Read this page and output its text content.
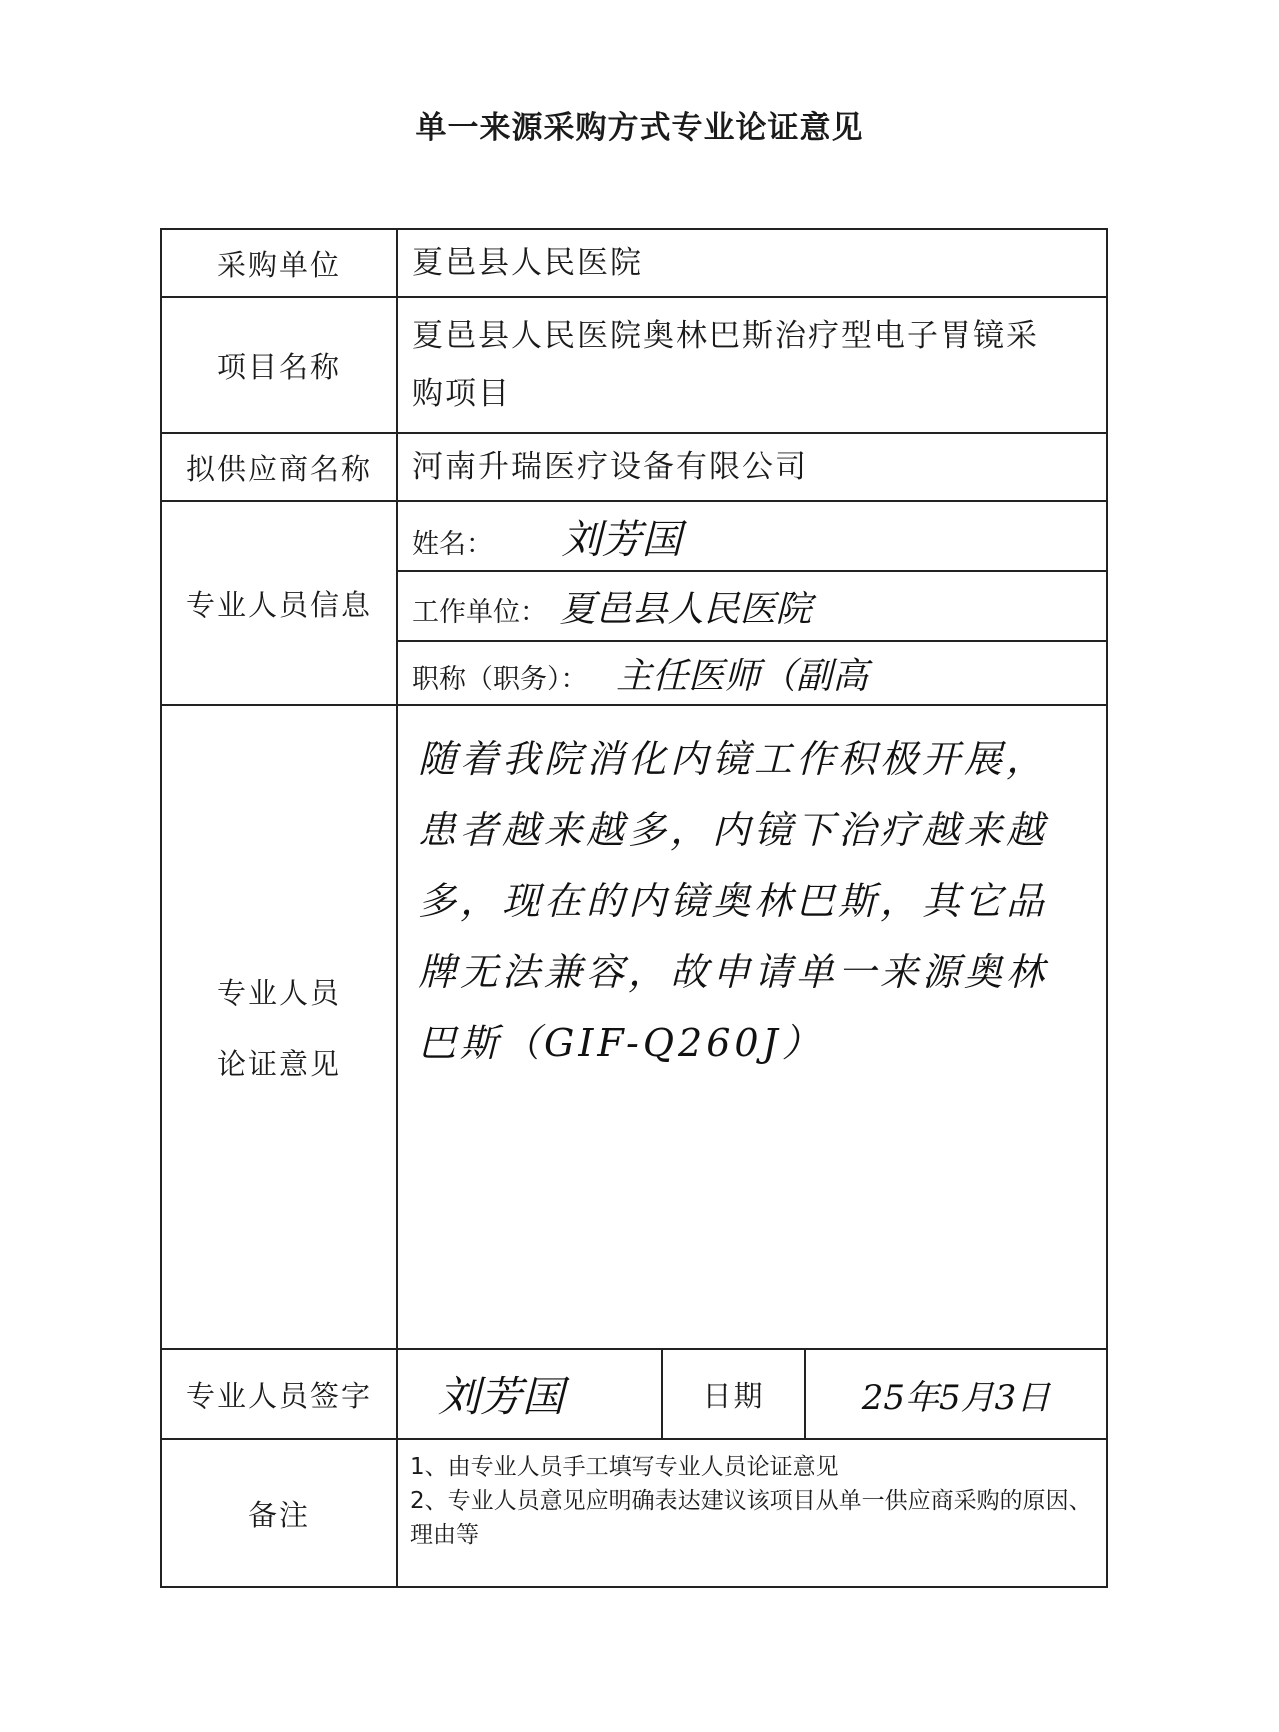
单一来源采购方式专业论证意见
采购单位	夏邑县人民医院		
项目名称	夏邑县人民医院奥林巴斯治疗型电子胃镜采
购项目		

拟供应商名称	河南升瑞医疗设备有限公司		
专业人员信息	姓名： 刘芳国		
	工作单位： 夏邑县人民医院		
	职称（职务）： 主任医师（副高		

专业人员
论证意见	随着我院消化内镜工作积极开展，患者越来越多，内镜下治疗越来越多，现在的内镜奥林巴斯，其它品牌无法兼容，故申请单一来源奥林巴斯（GIF-Q260J）		
专业人员签字	刘芳国	日期	25年5月3日
备注	1、由专业人员手工填写专业人员论证意见
2、专业人员意见应明确表达建议该项目从单一供应商采购的原因、理由等		
